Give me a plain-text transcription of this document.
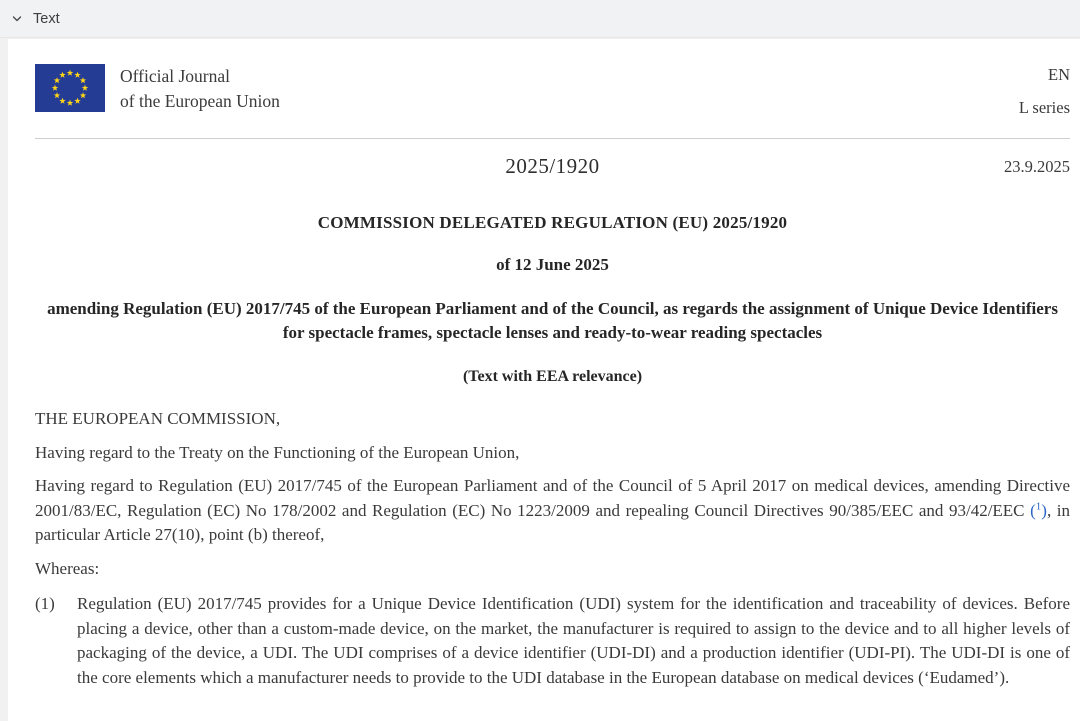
Text
Official Journal
of the European Union
EN
L series
2025/1920	23.9.2025
COMMISSION DELEGATED REGULATION (EU) 2025/1920
of 12 June 2025
amending Regulation (EU) 2017/745 of the European Parliament and of the Council, as regards the assignment of Unique Device Identifiers for spectacle frames, spectacle lenses and ready-to-wear reading spectacles
(Text with EEA relevance)

THE EUROPEAN COMMISSION,

Having regard to the Treaty on the Functioning of the European Union,

Having regard to Regulation (EU) 2017/745 of the European Parliament and of the Council of 5 April 2017 on medical devices, amending Directive 2001/83/EC, Regulation (EC) No 178/2002 and Regulation (EC) No 1223/2009 and repealing Council Directives 90/385/EEC and 93/42/EEC ($^1$), in particular Article 27(10), point (b) thereof,

Whereas:

(1)	Regulation (EU) 2017/745 provides for a Unique Device Identification (UDI) system for the identification and traceability of devices. Before placing a device, other than a custom-made device, on the market, the manufacturer is required to assign to the device and to all higher levels of packaging of the device, a UDI. The UDI comprises of a device identifier (UDI-DI) and a production identifier (UDI-PI). The UDI-DI is one of the core elements which a manufacturer needs to provide to the UDI database in the European database on medical devices (‘Eudamed’).
